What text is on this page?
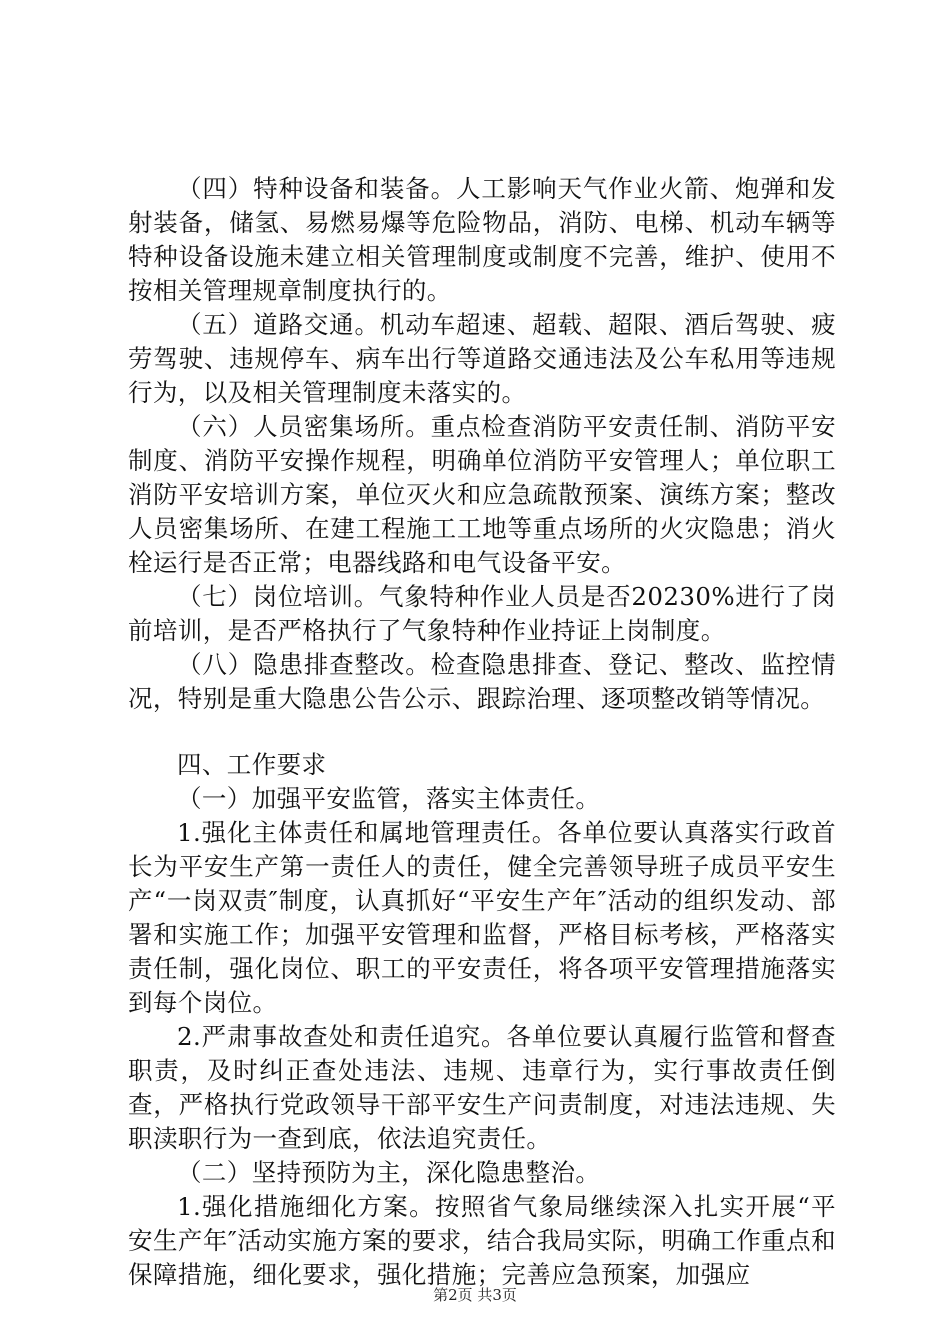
（四）特种设备和装备。人工影响天气作业火箭、炮弹和发射装备，储氢、易燃易爆等危险物品，消防、电梯、机动车辆等特种设备设施未建立相关管理制度或制度不完善，维护、使用不按相关管理规章制度执行的。

（五）道路交通。机动车超速、超载、超限、酒后驾驶、疲劳驾驶、违规停车、病车出行等道路交通违法及公车私用等违规行为，以及相关管理制度未落实的。

（六）人员密集场所。重点检查消防平安责任制、消防平安制度、消防平安操作规程，明确单位消防平安管理人；单位职工消防平安培训方案，单位灭火和应急疏散预案、演练方案；整改人员密集场所、在建工程施工工地等重点场所的火灾隐患；消火栓运行是否正常；电器线路和电气设备平安。

（七）岗位培训。气象特种作业人员是否20230%进行了岗前培训，是否严格执行了气象特种作业持证上岗制度。

（八）隐患排查整改。检查隐患排查、登记、整改、监控情况，特别是重大隐患公告公示、跟踪治理、逐项整改销等情况。

四、工作要求

（一）加强平安监管，落实主体责任。

1.强化主体责任和属地管理责任。各单位要认真落实行政首长为平安生产第一责任人的责任，健全完善领导班子成员平安生产“一岗双责″制度，认真抓好“平安生产年″活动的组织发动、部署和实施工作；加强平安管理和监督，严格目标考核，严格落实责任制，强化岗位、职工的平安责任，将各项平安管理措施落实到每个岗位。

2.严肃事故查处和责任追究。各单位要认真履行监管和督查职责，及时纠正查处违法、违规、违章行为，实行事故责任倒查，严格执行党政领导干部平安生产问责制度，对违法违规、失职渎职行为一查到底，依法追究责任。

（二）坚持预防为主，深化隐患整治。

1.强化措施细化方案。按照省气象局继续深入扎实开展“平安生产年″活动实施方案的要求，结合我局实际，明确工作重点和保障措施，细化要求，强化措施；完善应急预案，加强应

第2页 共3页
